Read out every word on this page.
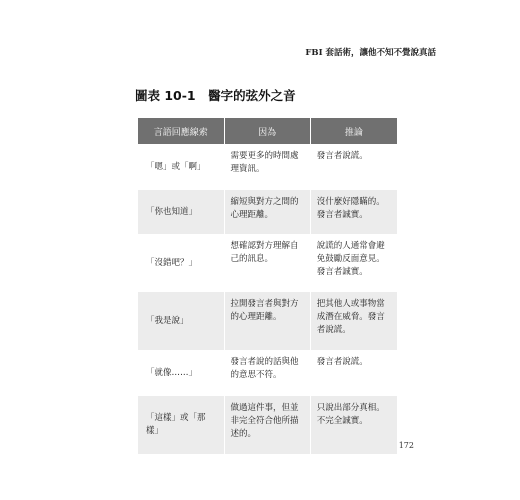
FBI 套話術，讓他不知不覺說真話
圖表 10-1　醫字的弦外之音
言語回應線索	因為	推論
「嗯」或「啊」	需要更多的時間處理資訊。	發言者說謊。
「你也知道」	縮短與對方之間的心理距離。	沒什麼好隱瞞的。發言者誠實。
「沒錯吧？」	想確認對方理解自己的訊息。	說謊的人通常會避免鼓勵反面意見。發言者誠實。
「我是說」	拉開發言者與對方的心理距離。	把其他人或事物當成潛在威脅。發言者說謊。
「就像……」	發言者說的話與他的意思不符。	發言者說謊。
「這樣」或「那樣」	做過這件事，但並非完全符合他所描述的。	只說出部分真相。不完全誠實。
172
